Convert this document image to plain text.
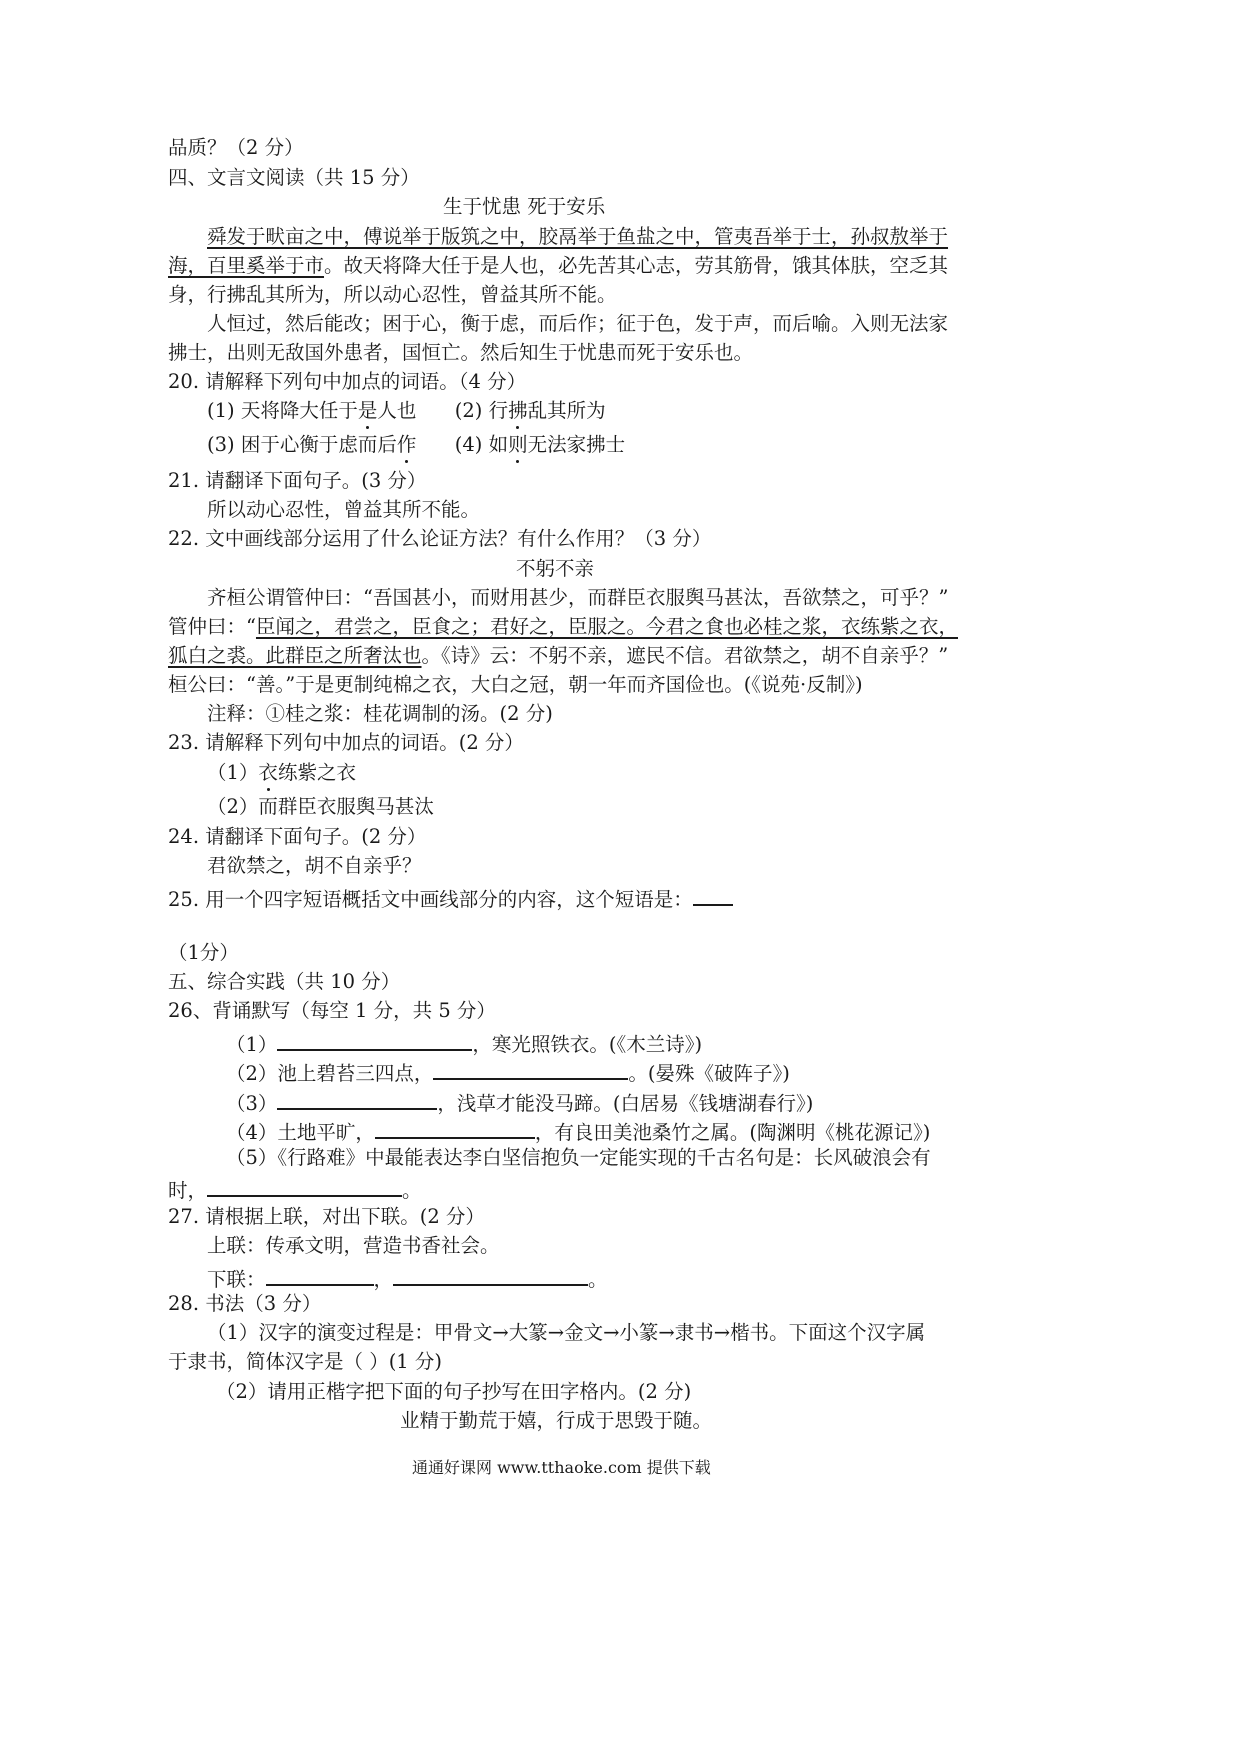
品质？（2 分）
四、文言文阅读（共 15 分）
生于忧患 死于安乐
舜发于畎亩之中，傅说举于版筑之中，胶鬲举于鱼盐之中，管夷吾举于士，孙叔敖举于
海，百里奚举于市。故天将降大任于是人也，必先苦其心志，劳其筋骨，饿其体肤，空乏其
身，行拂乱其所为，所以动心忍性，曾益其所不能。
人恒过，然后能改；困于心，衡于虑，而后作；征于色，发于声，而后喻。入则无法家
拂士，出则无敌国外患者，国恒亡。然后知生于忧患而死于安乐也。
20. 请解释下列句中加点的词语。（4 分）
(1) 天将降大任于是人也 (2) 行拂乱其所为
(3) 困于心衡于虑而后作 (4) 如则无法家拂士
21. 请翻译下面句子。(3 分）
所以动心忍性，曾益其所不能。
22. 文中画线部分运用了什么论证方法？有什么作用？（3 分）
不躬不亲
齐桓公谓管仲曰：“吾国甚小，而财用甚少，而群臣衣服舆马甚汰，吾欲禁之，可乎？”
管仲曰：“臣闻之，君尝之，臣食之；君好之，臣服之。今君之食也必桂之浆，衣练紫之衣，
狐白之裘。此群臣之所奢汰也。《诗》云：不躬不亲，遮民不信。君欲禁之，胡不自亲乎？”
桓公曰：“善。”于是更制纯棉之衣，大白之冠，朝一年而齐国俭也。(《说苑·反制》)
注释：①桂之浆：桂花调制的汤。(2 分)
23. 请解释下列句中加点的词语。(2 分）
（1）衣练紫之衣
（2）而群臣衣服舆马甚汰
24. 请翻译下面句子。(2 分）
君欲禁之，胡不自亲乎？
25. 用一个四字短语概括文中画线部分的内容，这个短语是：
（1分）
五、综合实践（共 10 分）
26、背诵默写（每空 1 分，共 5 分）
（1）	，寒光照铁衣。(《木兰诗》)
（2）池上碧苔三四点，	。(晏殊《破阵子》)
（3）	，浅草才能没马蹄。(白居易《钱塘湖春行》)
（4）土地平旷，	，有良田美池桑竹之属。(陶渊明《桃花源记》)
（5）《行路难》中最能表达李白坚信抱负一定能实现的千古名句是：长风破浪会有
时，	。
27. 请根据上联，对出下联。(2 分）
上联：传承文明，营造书香社会。
下联：	，	。
28. 书法（3 分）
（1）汉字的演变过程是：甲骨文→大篆→金文→小篆→隶书→楷书。下面这个汉字属
于隶书，简体汉字是（ ）(1 分)
（2）请用正楷字把下面的句子抄写在田字格内。(2 分)
业精于勤荒于嬉，行成于思毁于随。
通通好课网 www.tthaoke.com 提供下载
